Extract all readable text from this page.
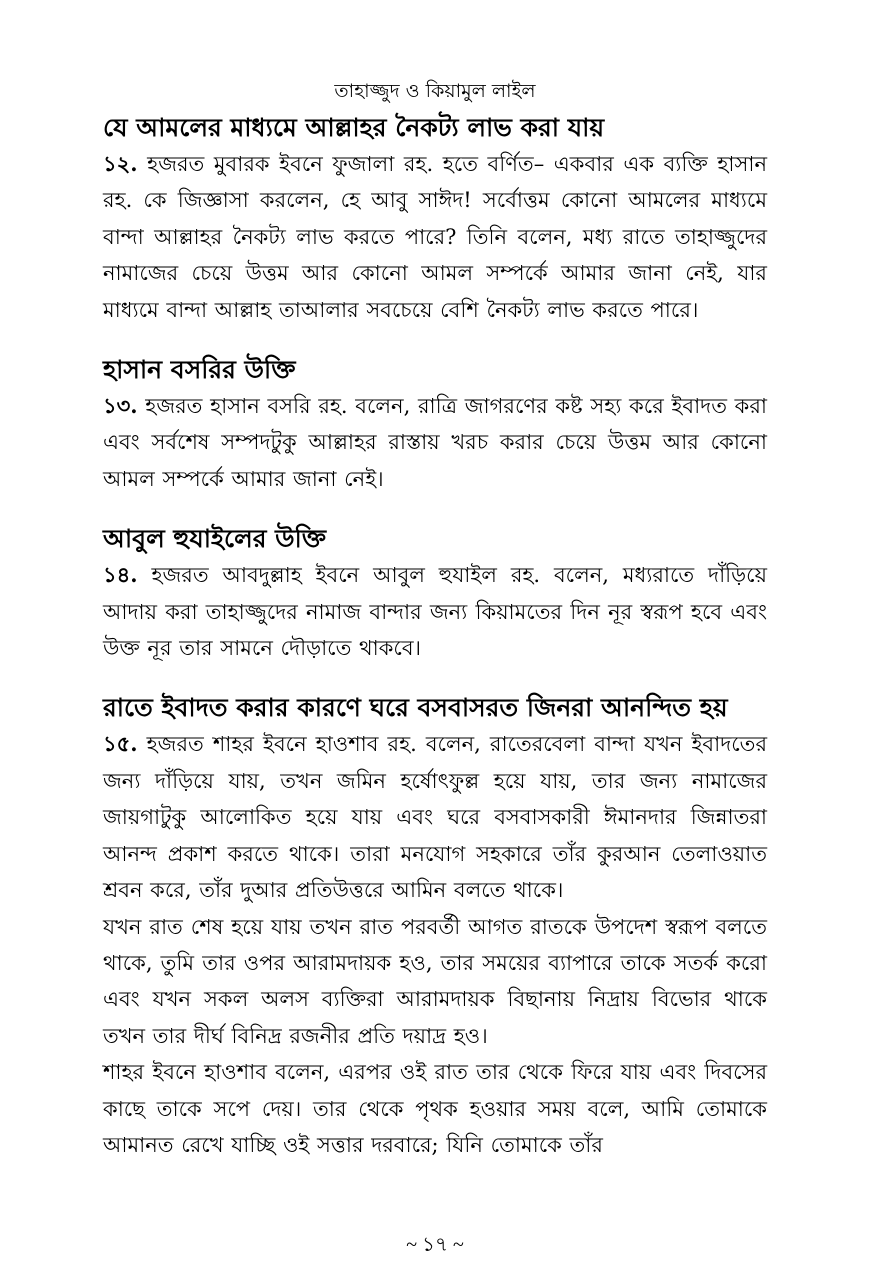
তাহাজ্জুদ ও কিয়ামুল লাইল
যে আমলের মাধ্যমে আল্লাহর নৈকট্য লাভ করা যায়

১২. হজরত মুবারক ইবনে ফুজালা রহ. হতে বর্ণিত– একবার এক ব্যক্তি হাসান রহ. কে জিজ্ঞাসা করলেন, হে আবু সাঈদ! সর্বোত্তম কোনো আমলের মাধ্যমে বান্দা আল্লাহর নৈকট্য লাভ করতে পারে? তিনি বলেন, মধ্য রাতে তাহাজ্জুদের নামাজের চেয়ে উত্তম আর কোনো আমল সম্পর্কে আমার জানা নেই, যার মাধ্যমে বান্দা আল্লাহ তাআলার সবচেয়ে বেশি নৈকট্য লাভ করতে পারে।

হাসান বসরির উক্তি

১৩. হজরত হাসান বসরি রহ. বলেন, রাত্রি জাগরণের কষ্ট সহ্য করে ইবাদত করা এবং সর্বশেষ সম্পদটুকু আল্লাহর রাস্তায় খরচ করার চেয়ে উত্তম আর কোনো আমল সম্পর্কে আমার জানা নেই।

আবুল হুযাইলের উক্তি

১৪. হজরত আবদুল্লাহ ইবনে আবুল হুযাইল রহ. বলেন, মধ্যরাতে দাঁড়িয়ে আদায় করা তাহাজ্জুদের নামাজ বান্দার জন্য কিয়ামতের দিন নূর স্বরূপ হবে এবং উক্ত নূর তার সামনে দৌড়াতে থাকবে।

রাতে ইবাদত করার কারণে ঘরে বসবাসরত জিনরা আনন্দিত হয়

১৫. হজরত শাহর ইবনে হাওশাব রহ. বলেন, রাতেরবেলা বান্দা যখন ইবাদতের জন্য দাঁড়িয়ে যায়, তখন জমিন হর্ষোৎফুল্ল হয়ে যায়, তার জন্য নামাজের জায়গাটুকু আলোকিত হয়ে যায় এবং ঘরে বসবাসকারী ঈমানদার জিন্নাতরা আনন্দ প্রকাশ করতে থাকে। তারা মনযোগ সহকারে তাঁর কুরআন তেলাওয়াত শ্রবন করে, তাঁর দুআর প্রতিউত্তরে আমিন বলতে থাকে।

যখন রাত শেষ হয়ে যায় তখন রাত পরবর্তী আগত রাতকে উপদেশ স্বরূপ বলতে থাকে, তুমি তার ওপর আরামদায়ক হও, তার সময়ের ব্যাপারে তাকে সতর্ক করো এবং যখন সকল অলস ব্যক্তিরা আরামদায়ক বিছানায় নিদ্রায় বিভোর থাকে তখন তার দীর্ঘ বিনিদ্র রজনীর প্রতি দয়াদ্র হও।

শাহর ইবনে হাওশাব বলেন, এরপর ওই রাত তার থেকে ফিরে যায় এবং দিবসের কাছে তাকে সপে দেয়। তার থেকে পৃথক হওয়ার সময় বলে, আমি তোমাকে আমানত রেখে যাচ্ছি ওই সত্তার দরবারে; যিনি তোমাকে তাঁর

~ ১৭ ~
